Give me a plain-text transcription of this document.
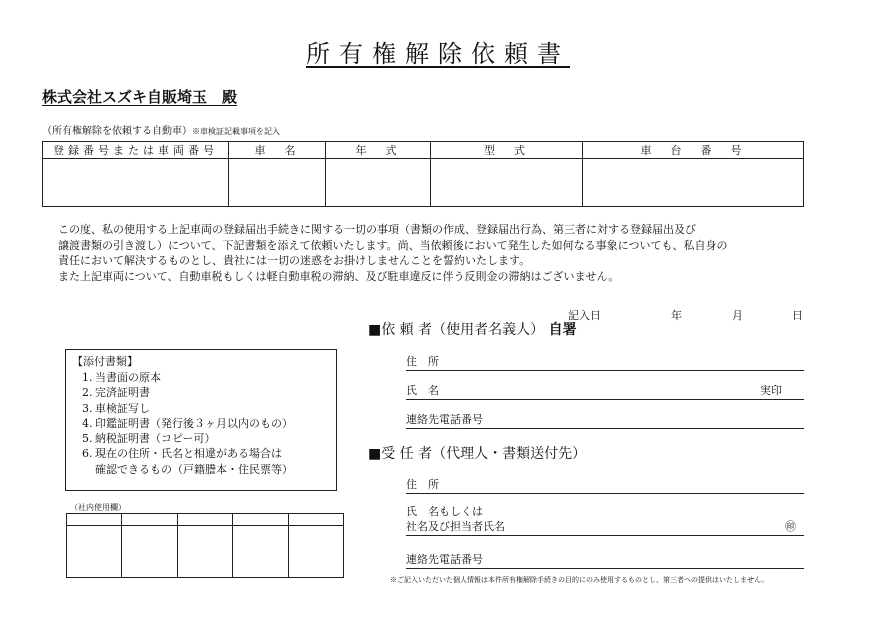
所有権解除依頼書
株式会社スズキ自販埼玉　殿
（所有権解除を依頼する自動車）※車検証記載事項を記入
登録番号または車両番号	車　名	年　式	型　式	車　台　番　号

この度、私の使用する上記車両の登録届出手続きに関する一切の事項（書類の作成、登録届出行為、第三者に対する登録届出及び
譲渡書類の引き渡し）について、下記書類を添えて依頼いたします。尚、当依頼後において発生した如何なる事象についても、私自身の
責任において解決するものとし、貴社には一切の迷惑をお掛けしませんことを誓約いたします。
また上記車両について、自動車税もしくは軽自動車税の滞納、及び駐車違反に伴う反則金の滞納はございません。
記入日	年	月	日
■依 頼 者（使用者名義人） 自署
住　所
氏　名	実印
連絡先電話番号
【添付書類】
1. 当書面の原本
2. 完済証明書
3. 車検証写し
4. 印鑑証明書（発行後３ヶ月以内のもの）
5. 納税証明書（コピー可）
6. 現在の住所・氏名と相違がある場合は
確認できるもの（戸籍謄本・住民票等）
■受 任 者（代理人・書類送付先）
住　所
氏　名もしくは
社名及び担当者氏名	㊞
連絡先電話番号
（社内使用欄）

※ご記入いただいた個人情報は本件所有権解除手続きの目的にのみ使用するものとし、第三者への提供はいたしません。
